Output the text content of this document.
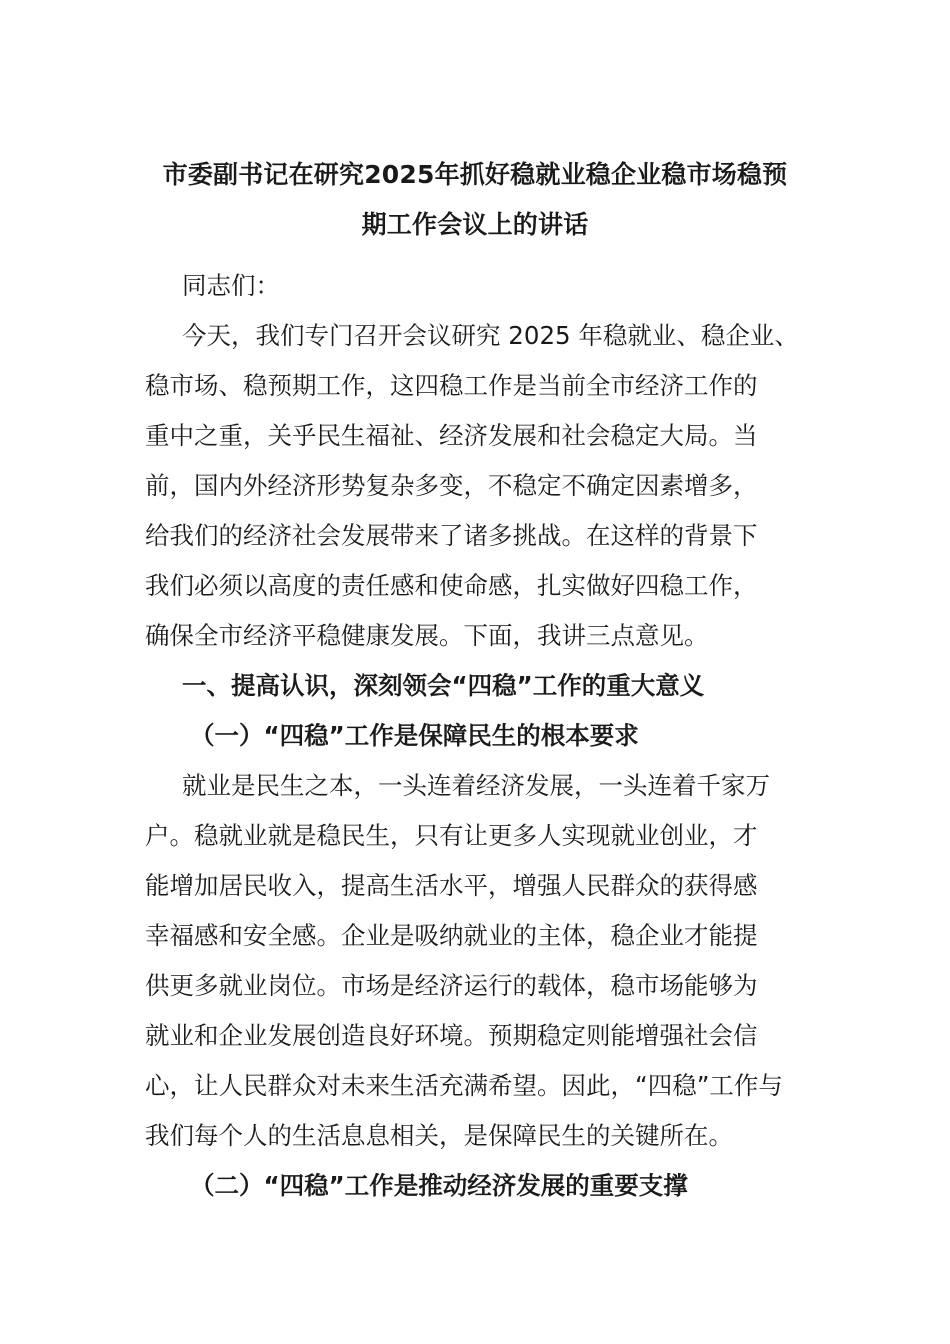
市委副书记在研究2025年抓好稳就业稳企业稳市场稳预
期工作会议上的讲话
同志们：
今天，我们专门召开会议研究 2025 年稳就业、稳企业、
稳市场、稳预期工作，这四稳工作是当前全市经济工作的
重中之重，关乎民生福祉、经济发展和社会稳定大局。当
前，国内外经济形势复杂多变，不稳定不确定因素增多，
给我们的经济社会发展带来了诸多挑战。在这样的背景下
我们必须以高度的责任感和使命感，扎实做好四稳工作，
确保全市经济平稳健康发展。下面，我讲三点意见。
一、提高认识，深刻领会“四稳”工作的重大意义
（一）“四稳”工作是保障民生的根本要求
就业是民生之本，一头连着经济发展，一头连着千家万
户。稳就业就是稳民生，只有让更多人实现就业创业，才
能增加居民收入，提高生活水平，增强人民群众的获得感
幸福感和安全感。企业是吸纳就业的主体，稳企业才能提
供更多就业岗位。市场是经济运行的载体，稳市场能够为
就业和企业发展创造良好环境。预期稳定则能增强社会信
心，让人民群众对未来生活充满希望。因此，“四稳”工作与
我们每个人的生活息息相关，是保障民生的关键所在。
（二）“四稳”工作是推动经济发展的重要支撑
